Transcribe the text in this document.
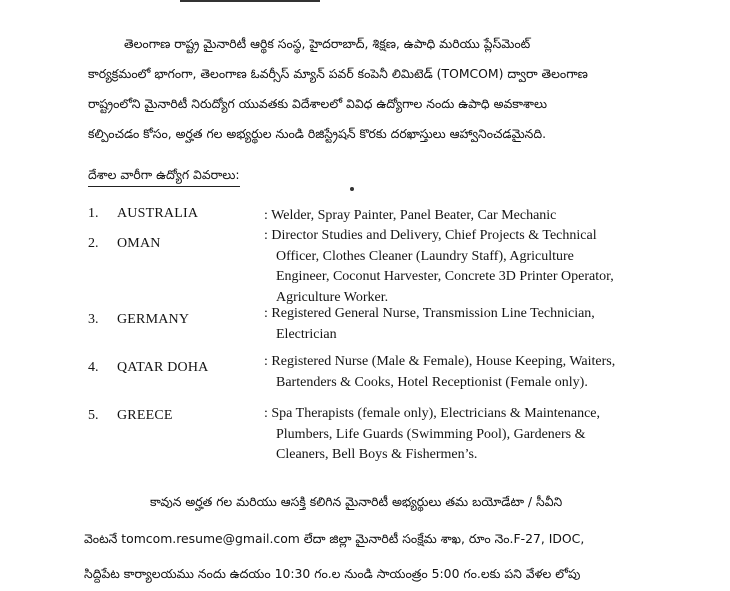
తెలంగాణ రాష్ట్ర మైనారిటీ ఆర్థిక సంస్థ, హైదరాబాద్, శిక్షణ, ఉపాధి మరియు ప్లేస్‌మెంట్
కార్యక్రమంలో భాగంగా, తెలంగాణ ఓవర్సీస్ మ్యాన్ పవర్ కంపెనీ లిమిటెడ్ (TOMCOM) ద్వారా తెలంగాణ
రాష్ట్రంలోని మైనారిటీ నిరుద్యోగ యువతకు విదేశాలలో వివిధ ఉద్యోగాల నందు ఉపాధి అవకాశాలు
కల్పించడం కోసం, అర్హత గల అభ్యర్థుల నుండి రిజిస్ట్రేషన్ కొరకు దరఖాస్తులు ఆహ్వానించడమైనది.
దేశాల వారీగా ఉద్యోగ వివరాలు:
1. AUSTRALIA	: Welder, Spray Painter, Panel Beater, Car Mechanic
2. OMAN
: Director Studies and Delivery, Chief Projects & Technical
Officer, Clothes Cleaner (Laundry Staff), Agriculture
Engineer, Coconut Harvester, Concrete 3D Printer Operator,
Agriculture Worker.
3. GERMANY	: Registered General Nurse, Transmission Line Technician,
Electrician
4. QATAR DOHA	: Registered Nurse (Male & Female), House Keeping, Waiters,
Bartenders & Cooks, Hotel Receptionist (Female only).
5. GREECE	: Spa Therapists (female only), Electricians & Maintenance,
Plumbers, Life Guards (Swimming Pool), Gardeners &
Cleaners, Bell Boys & Fishermen’s.
కావున అర్హత గల మరియు ఆసక్తి కలిగిన మైనారిటీ అభ్యర్థులు తమ బయోడేటా / సీవీని
వెంటనే tomcom.resume@gmail.com లేదా జిల్లా మైనారిటీ సంక్షేమ శాఖ, రూం నెం.F-27, IDOC,
సిద్దిపేట కార్యాలయము నందు ఉదయం 10:30 గం.ల నుండి సాయంత్రం 5:00 గం.లకు పని వేళల లోపు
